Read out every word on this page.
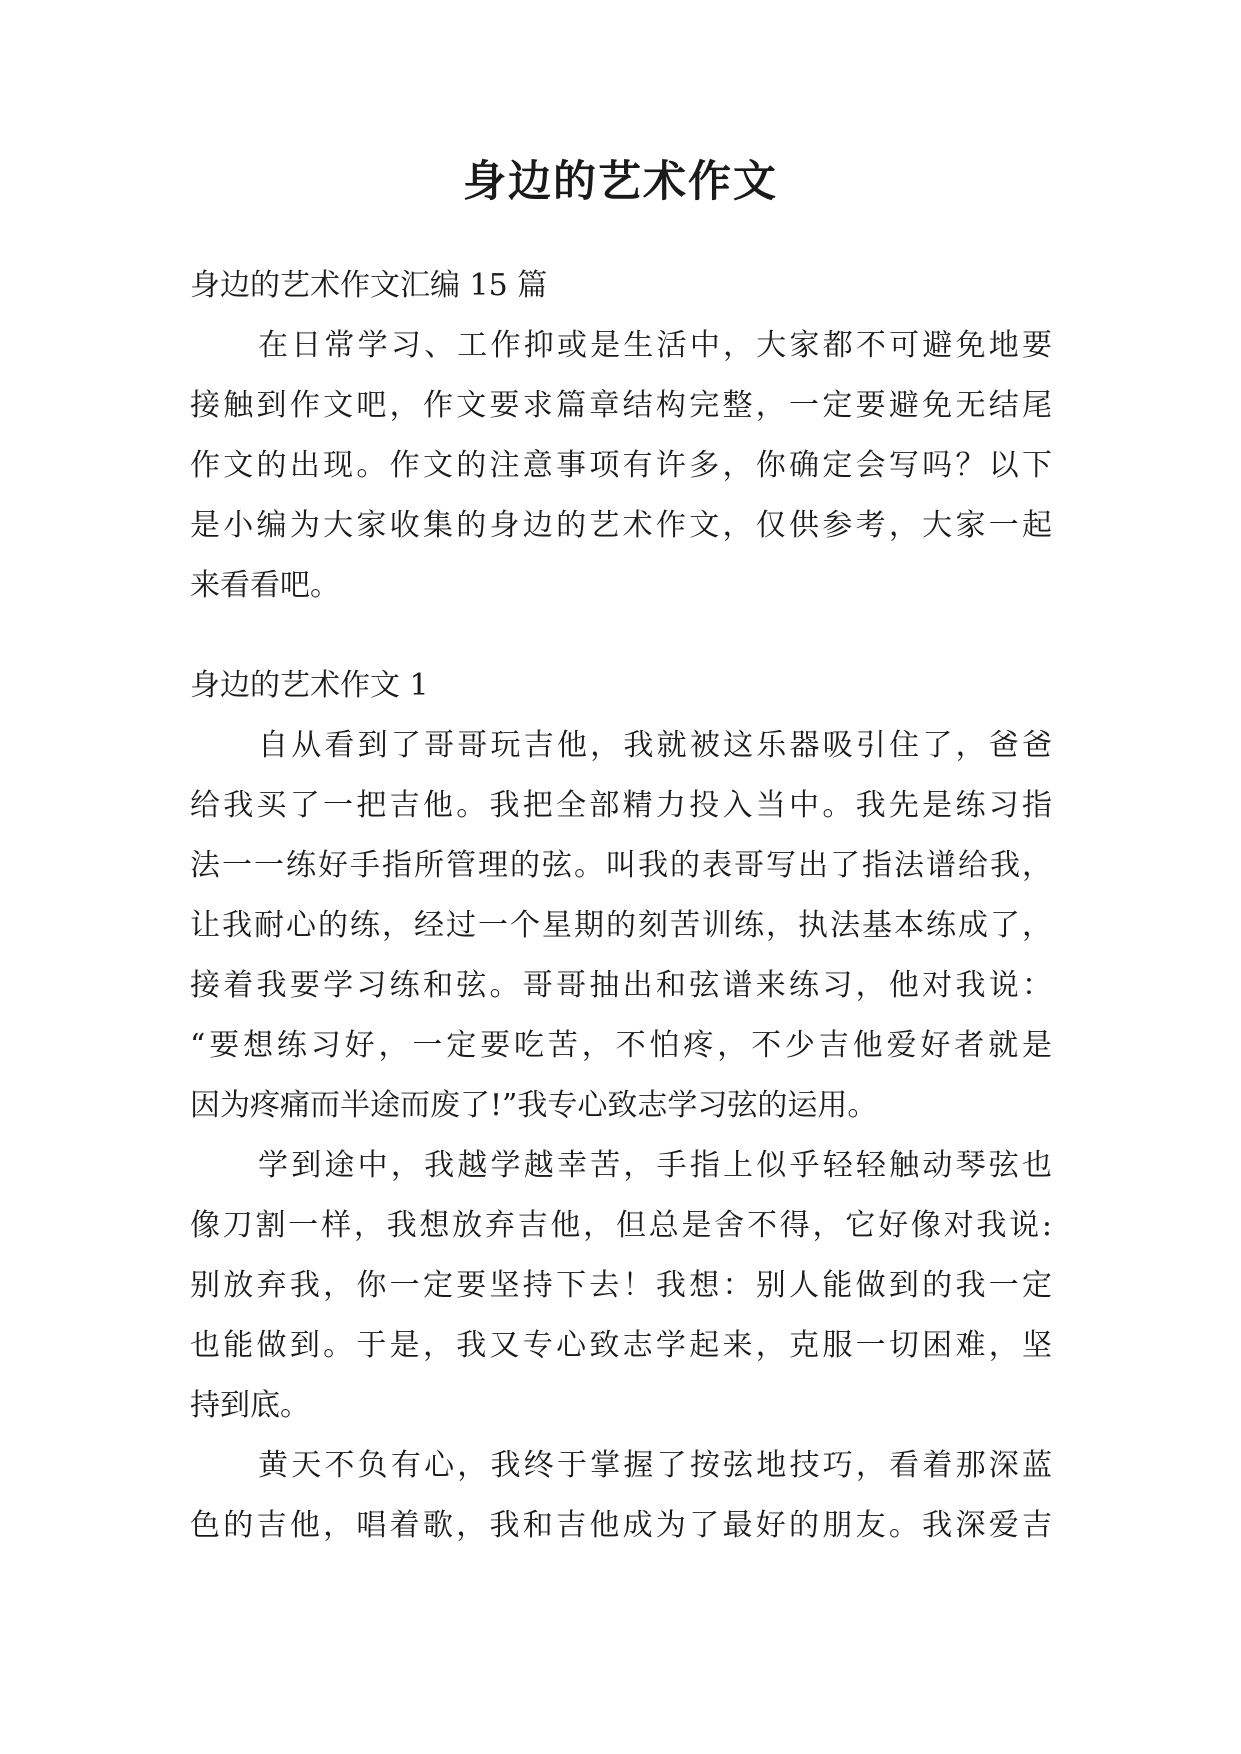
身边的艺术作文
身边的艺术作文汇编 15 篇
在日常学习、工作抑或是生活中，大家都不可避免地要
接触到作文吧，作文要求篇章结构完整，一定要避免无结尾
作文的出现。作文的注意事项有许多，你确定会写吗？以下
是小编为大家收集的身边的艺术作文，仅供参考，大家一起
来看看吧。
身边的艺术作文 1
自从看到了哥哥玩吉他，我就被这乐器吸引住了，爸爸
给我买了一把吉他。我把全部精力投入当中。我先是练习指
法一一练好手指所管理的弦。叫我的表哥写出了指法谱给我，
让我耐心的练，经过一个星期的刻苦训练，执法基本练成了，
接着我要学习练和弦。哥哥抽出和弦谱来练习，他对我说：
“要想练习好，一定要吃苦，不怕疼，不少吉他爱好者就是
因为疼痛而半途而废了!”我专心致志学习弦的运用。
学到途中，我越学越幸苦，手指上似乎轻轻触动琴弦也
像刀割一样，我想放弃吉他，但总是舍不得，它好像对我说:
别放弃我，你一定要坚持下去！我想：别人能做到的我一定
也能做到。于是，我又专心致志学起来，克服一切困难，坚
持到底。
黄天不负有心，我终于掌握了按弦地技巧，看着那深蓝
色的吉他，唱着歌，我和吉他成为了最好的朋友。我深爱吉
